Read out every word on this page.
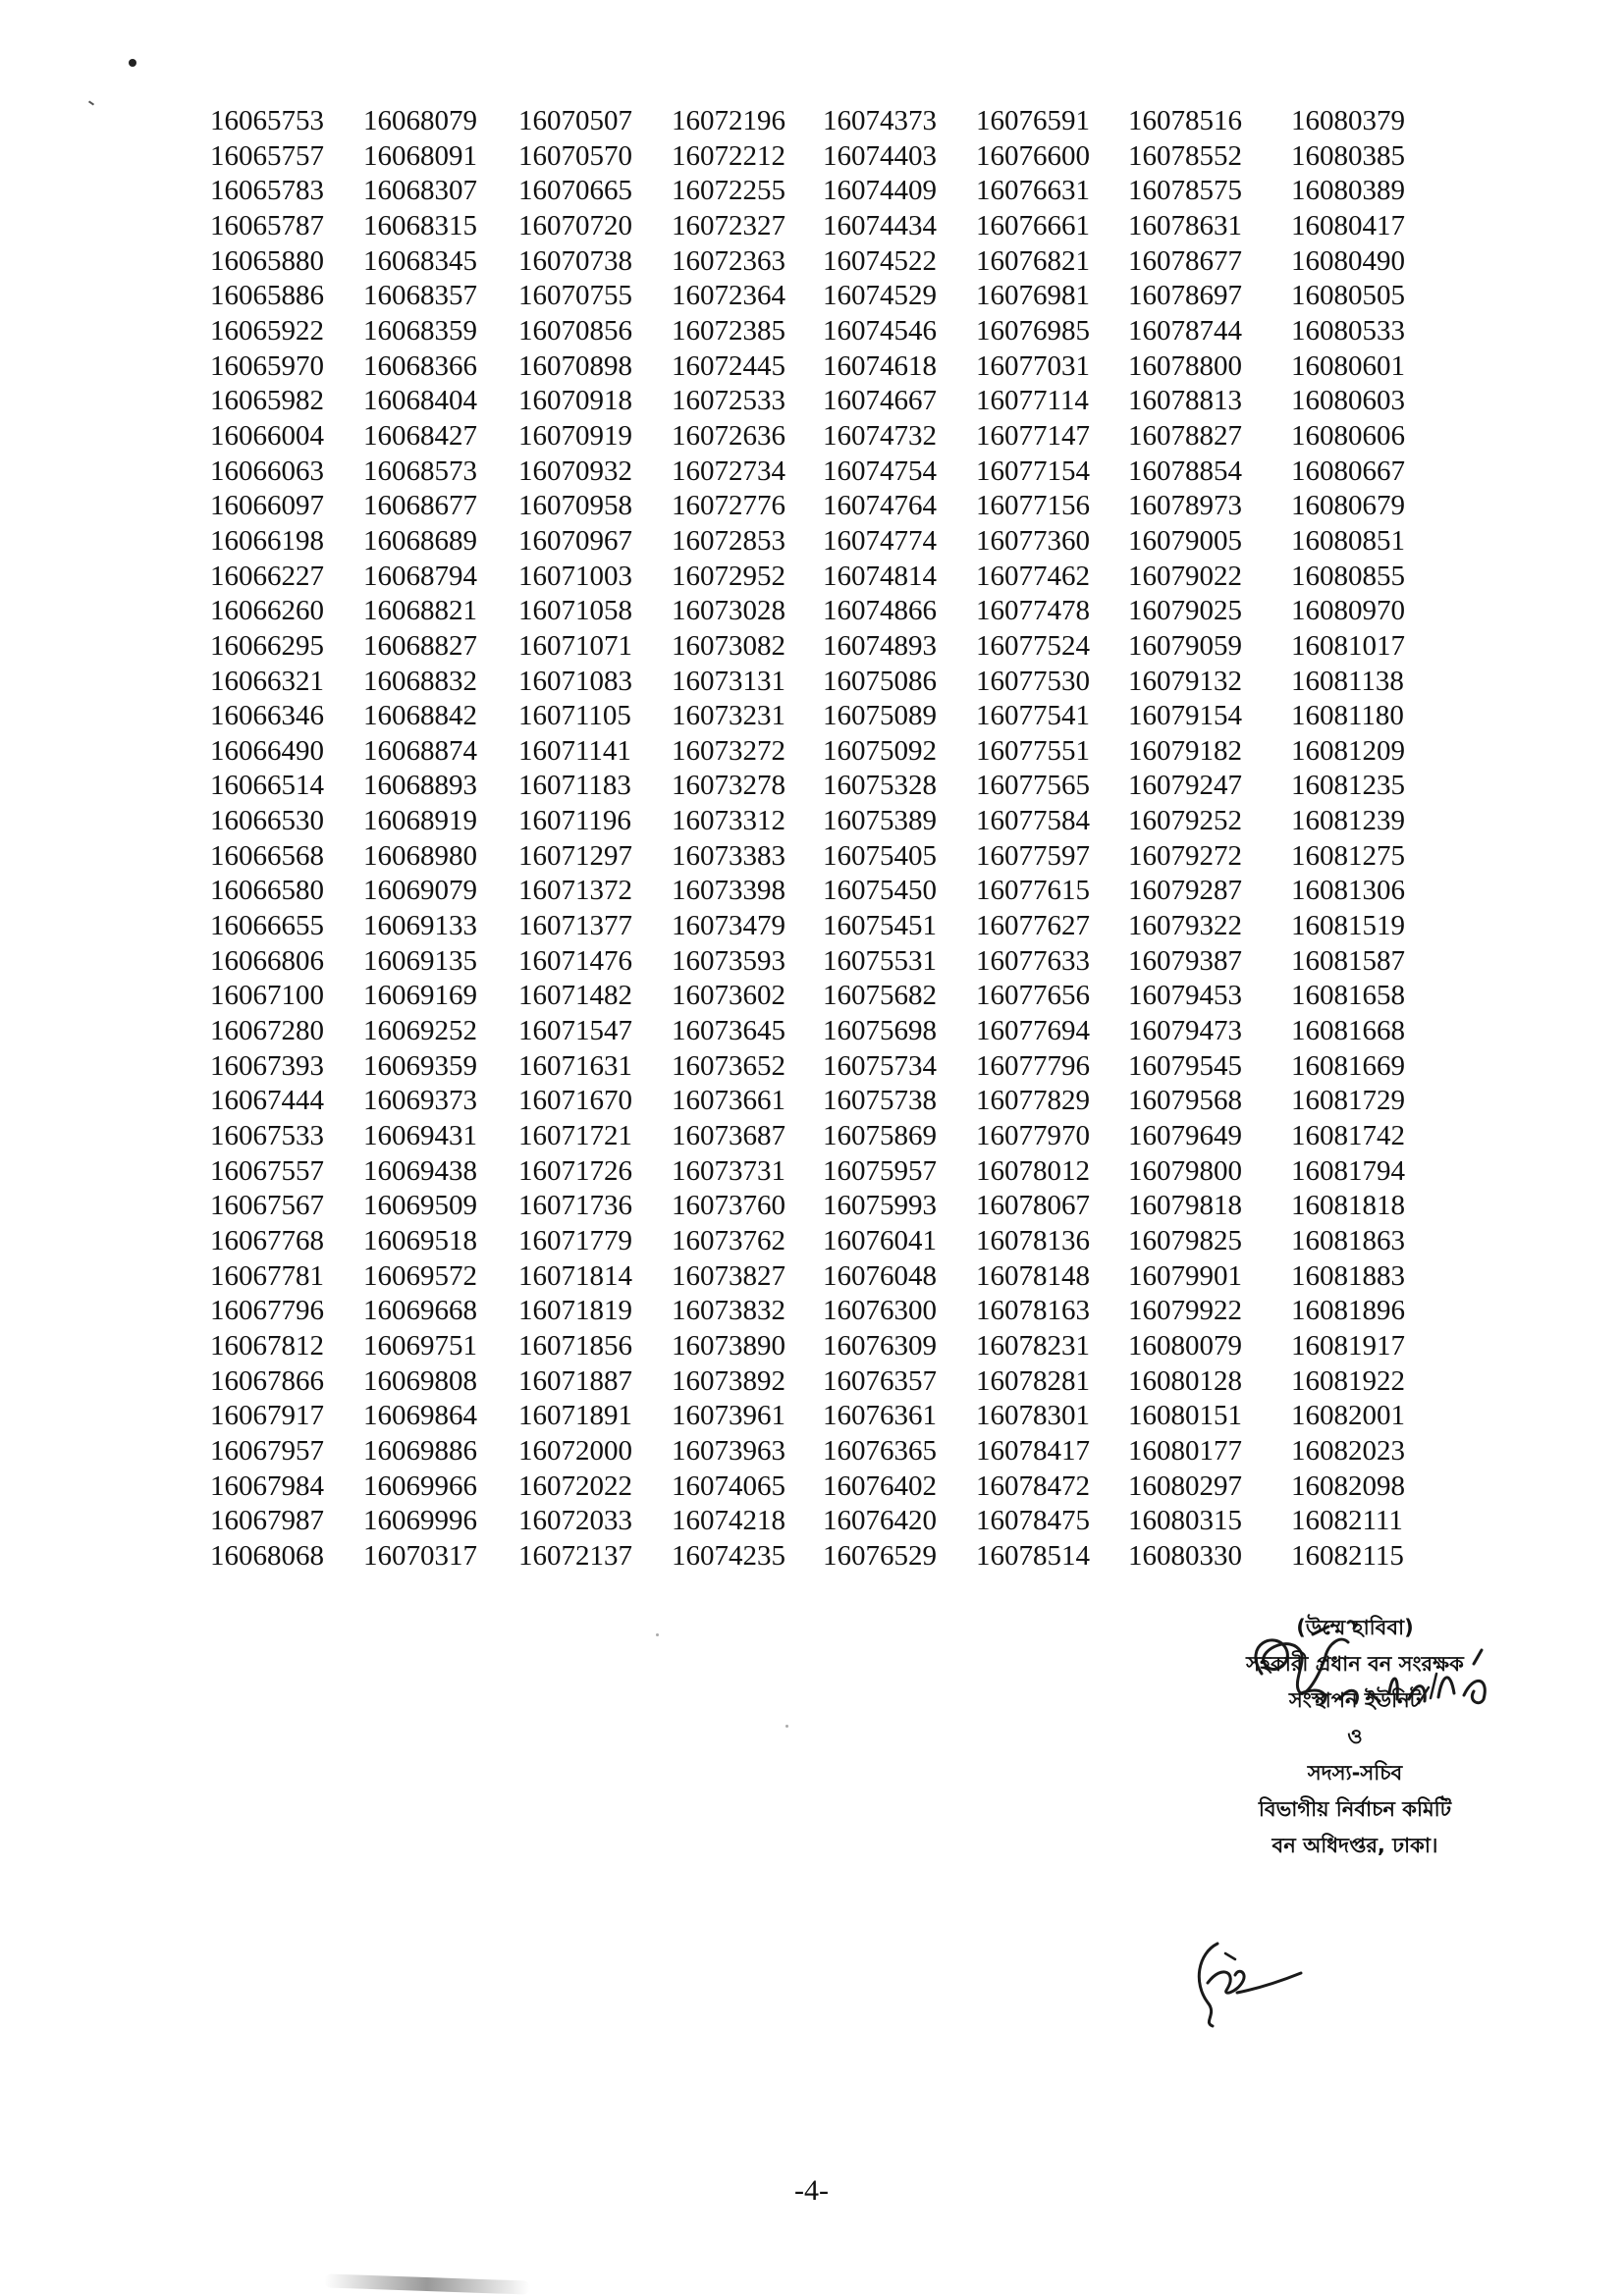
16065753	16068079	16070507	16072196	16074373	16076591	16078516	16080379
16065757	16068091	16070570	16072212	16074403	16076600	16078552	16080385
16065783	16068307	16070665	16072255	16074409	16076631	16078575	16080389
16065787	16068315	16070720	16072327	16074434	16076661	16078631	16080417
16065880	16068345	16070738	16072363	16074522	16076821	16078677	16080490
16065886	16068357	16070755	16072364	16074529	16076981	16078697	16080505
16065922	16068359	16070856	16072385	16074546	16076985	16078744	16080533
16065970	16068366	16070898	16072445	16074618	16077031	16078800	16080601
16065982	16068404	16070918	16072533	16074667	16077114	16078813	16080603
16066004	16068427	16070919	16072636	16074732	16077147	16078827	16080606
16066063	16068573	16070932	16072734	16074754	16077154	16078854	16080667
16066097	16068677	16070958	16072776	16074764	16077156	16078973	16080679
16066198	16068689	16070967	16072853	16074774	16077360	16079005	16080851
16066227	16068794	16071003	16072952	16074814	16077462	16079022	16080855
16066260	16068821	16071058	16073028	16074866	16077478	16079025	16080970
16066295	16068827	16071071	16073082	16074893	16077524	16079059	16081017
16066321	16068832	16071083	16073131	16075086	16077530	16079132	16081138
16066346	16068842	16071105	16073231	16075089	16077541	16079154	16081180
16066490	16068874	16071141	16073272	16075092	16077551	16079182	16081209
16066514	16068893	16071183	16073278	16075328	16077565	16079247	16081235
16066530	16068919	16071196	16073312	16075389	16077584	16079252	16081239
16066568	16068980	16071297	16073383	16075405	16077597	16079272	16081275
16066580	16069079	16071372	16073398	16075450	16077615	16079287	16081306
16066655	16069133	16071377	16073479	16075451	16077627	16079322	16081519
16066806	16069135	16071476	16073593	16075531	16077633	16079387	16081587
16067100	16069169	16071482	16073602	16075682	16077656	16079453	16081658
16067280	16069252	16071547	16073645	16075698	16077694	16079473	16081668
16067393	16069359	16071631	16073652	16075734	16077796	16079545	16081669
16067444	16069373	16071670	16073661	16075738	16077829	16079568	16081729
16067533	16069431	16071721	16073687	16075869	16077970	16079649	16081742
16067557	16069438	16071726	16073731	16075957	16078012	16079800	16081794
16067567	16069509	16071736	16073760	16075993	16078067	16079818	16081818
16067768	16069518	16071779	16073762	16076041	16078136	16079825	16081863
16067781	16069572	16071814	16073827	16076048	16078148	16079901	16081883
16067796	16069668	16071819	16073832	16076300	16078163	16079922	16081896
16067812	16069751	16071856	16073890	16076309	16078231	16080079	16081917
16067866	16069808	16071887	16073892	16076357	16078281	16080128	16081922
16067917	16069864	16071891	16073961	16076361	16078301	16080151	16082001
16067957	16069886	16072000	16073963	16076365	16078417	16080177	16082023
16067984	16069966	16072022	16074065	16076402	16078472	16080297	16082098
16067987	16069996	16072033	16074218	16076420	16078475	16080315	16082111
16068068	16070317	16072137	16074235	16076529	16078514	16080330	16082115
(উম্মে হাবিবা)
সহকারী প্রধান বন সংরক্ষক
সংস্থাপন ইউনিট
ও
সদস্য-সচিব
বিভাগীয় নির্বাচন কমিটি
বন অধিদপ্তর, ঢাকা।
-4-
